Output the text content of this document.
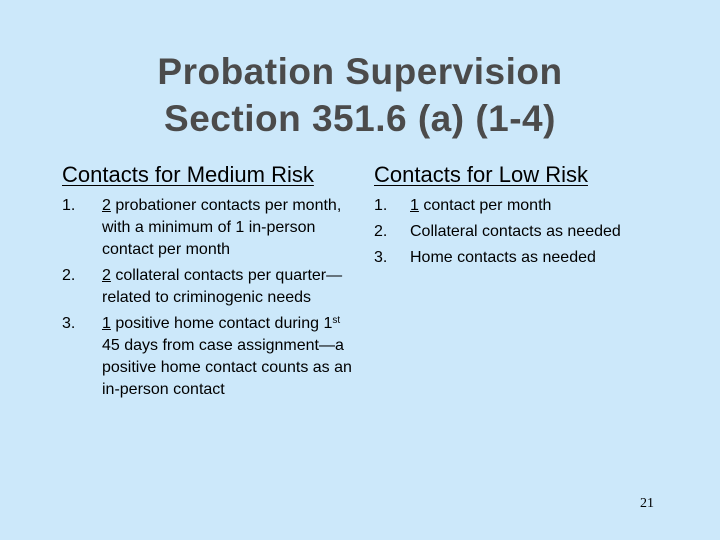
Probation Supervision
Section 351.6 (a) (1-4)
Contacts for Medium Risk
1. 2 probationer contacts per month, with a minimum of 1 in-person contact per month
2. 2 collateral contacts per quarter—related to criminogenic needs
3. 1 positive home contact during 1st 45 days from case assignment—a positive home contact counts as an in-person contact
Contacts for Low Risk
1. 1 contact per month
2. Collateral contacts as needed
3. Home contacts as needed
21
